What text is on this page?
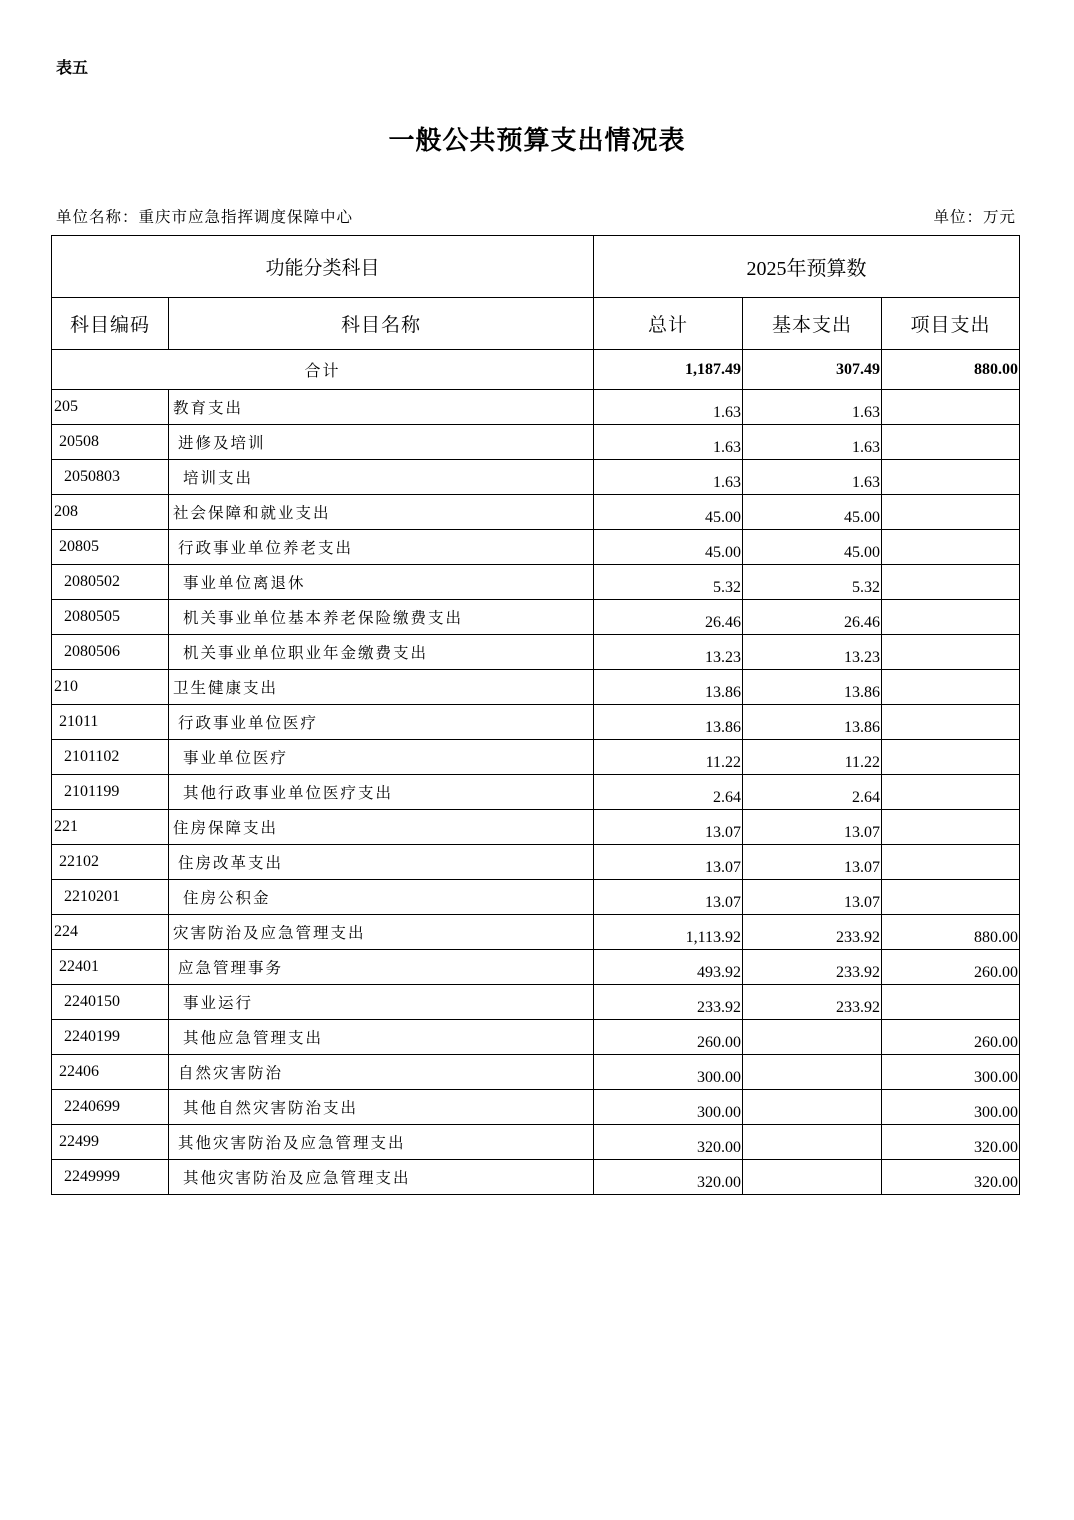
表五
一般公共预算支出情况表
单位名称：重庆市应急指挥调度保障中心	单位：万元
功能分类科目		2025年预算数		
科目编码	科目名称	总计	基本支出	项目支出
合计		1,187.49	307.49	880.00
205	教育支出	1.63	1.63	
20508	进修及培训	1.63	1.63	
2050803	培训支出	1.63	1.63	
208	社会保障和就业支出	45.00	45.00	
20805	行政事业单位养老支出	45.00	45.00	
2080502	事业单位离退休	5.32	5.32	
2080505	机关事业单位基本养老保险缴费支出	26.46	26.46	
2080506	机关事业单位职业年金缴费支出	13.23	13.23	
210	卫生健康支出	13.86	13.86	
21011	行政事业单位医疗	13.86	13.86	
2101102	事业单位医疗	11.22	11.22	
2101199	其他行政事业单位医疗支出	2.64	2.64	
221	住房保障支出	13.07	13.07	
22102	住房改革支出	13.07	13.07	
2210201	住房公积金	13.07	13.07	
224	灾害防治及应急管理支出	1,113.92	233.92	880.00
22401	应急管理事务	493.92	233.92	260.00
2240150	事业运行	233.92	233.92	
2240199	其他应急管理支出	260.00		260.00
22406	自然灾害防治	300.00		300.00
2240699	其他自然灾害防治支出	300.00		300.00
22499	其他灾害防治及应急管理支出	320.00		320.00
2249999	其他灾害防治及应急管理支出	320.00		320.00
